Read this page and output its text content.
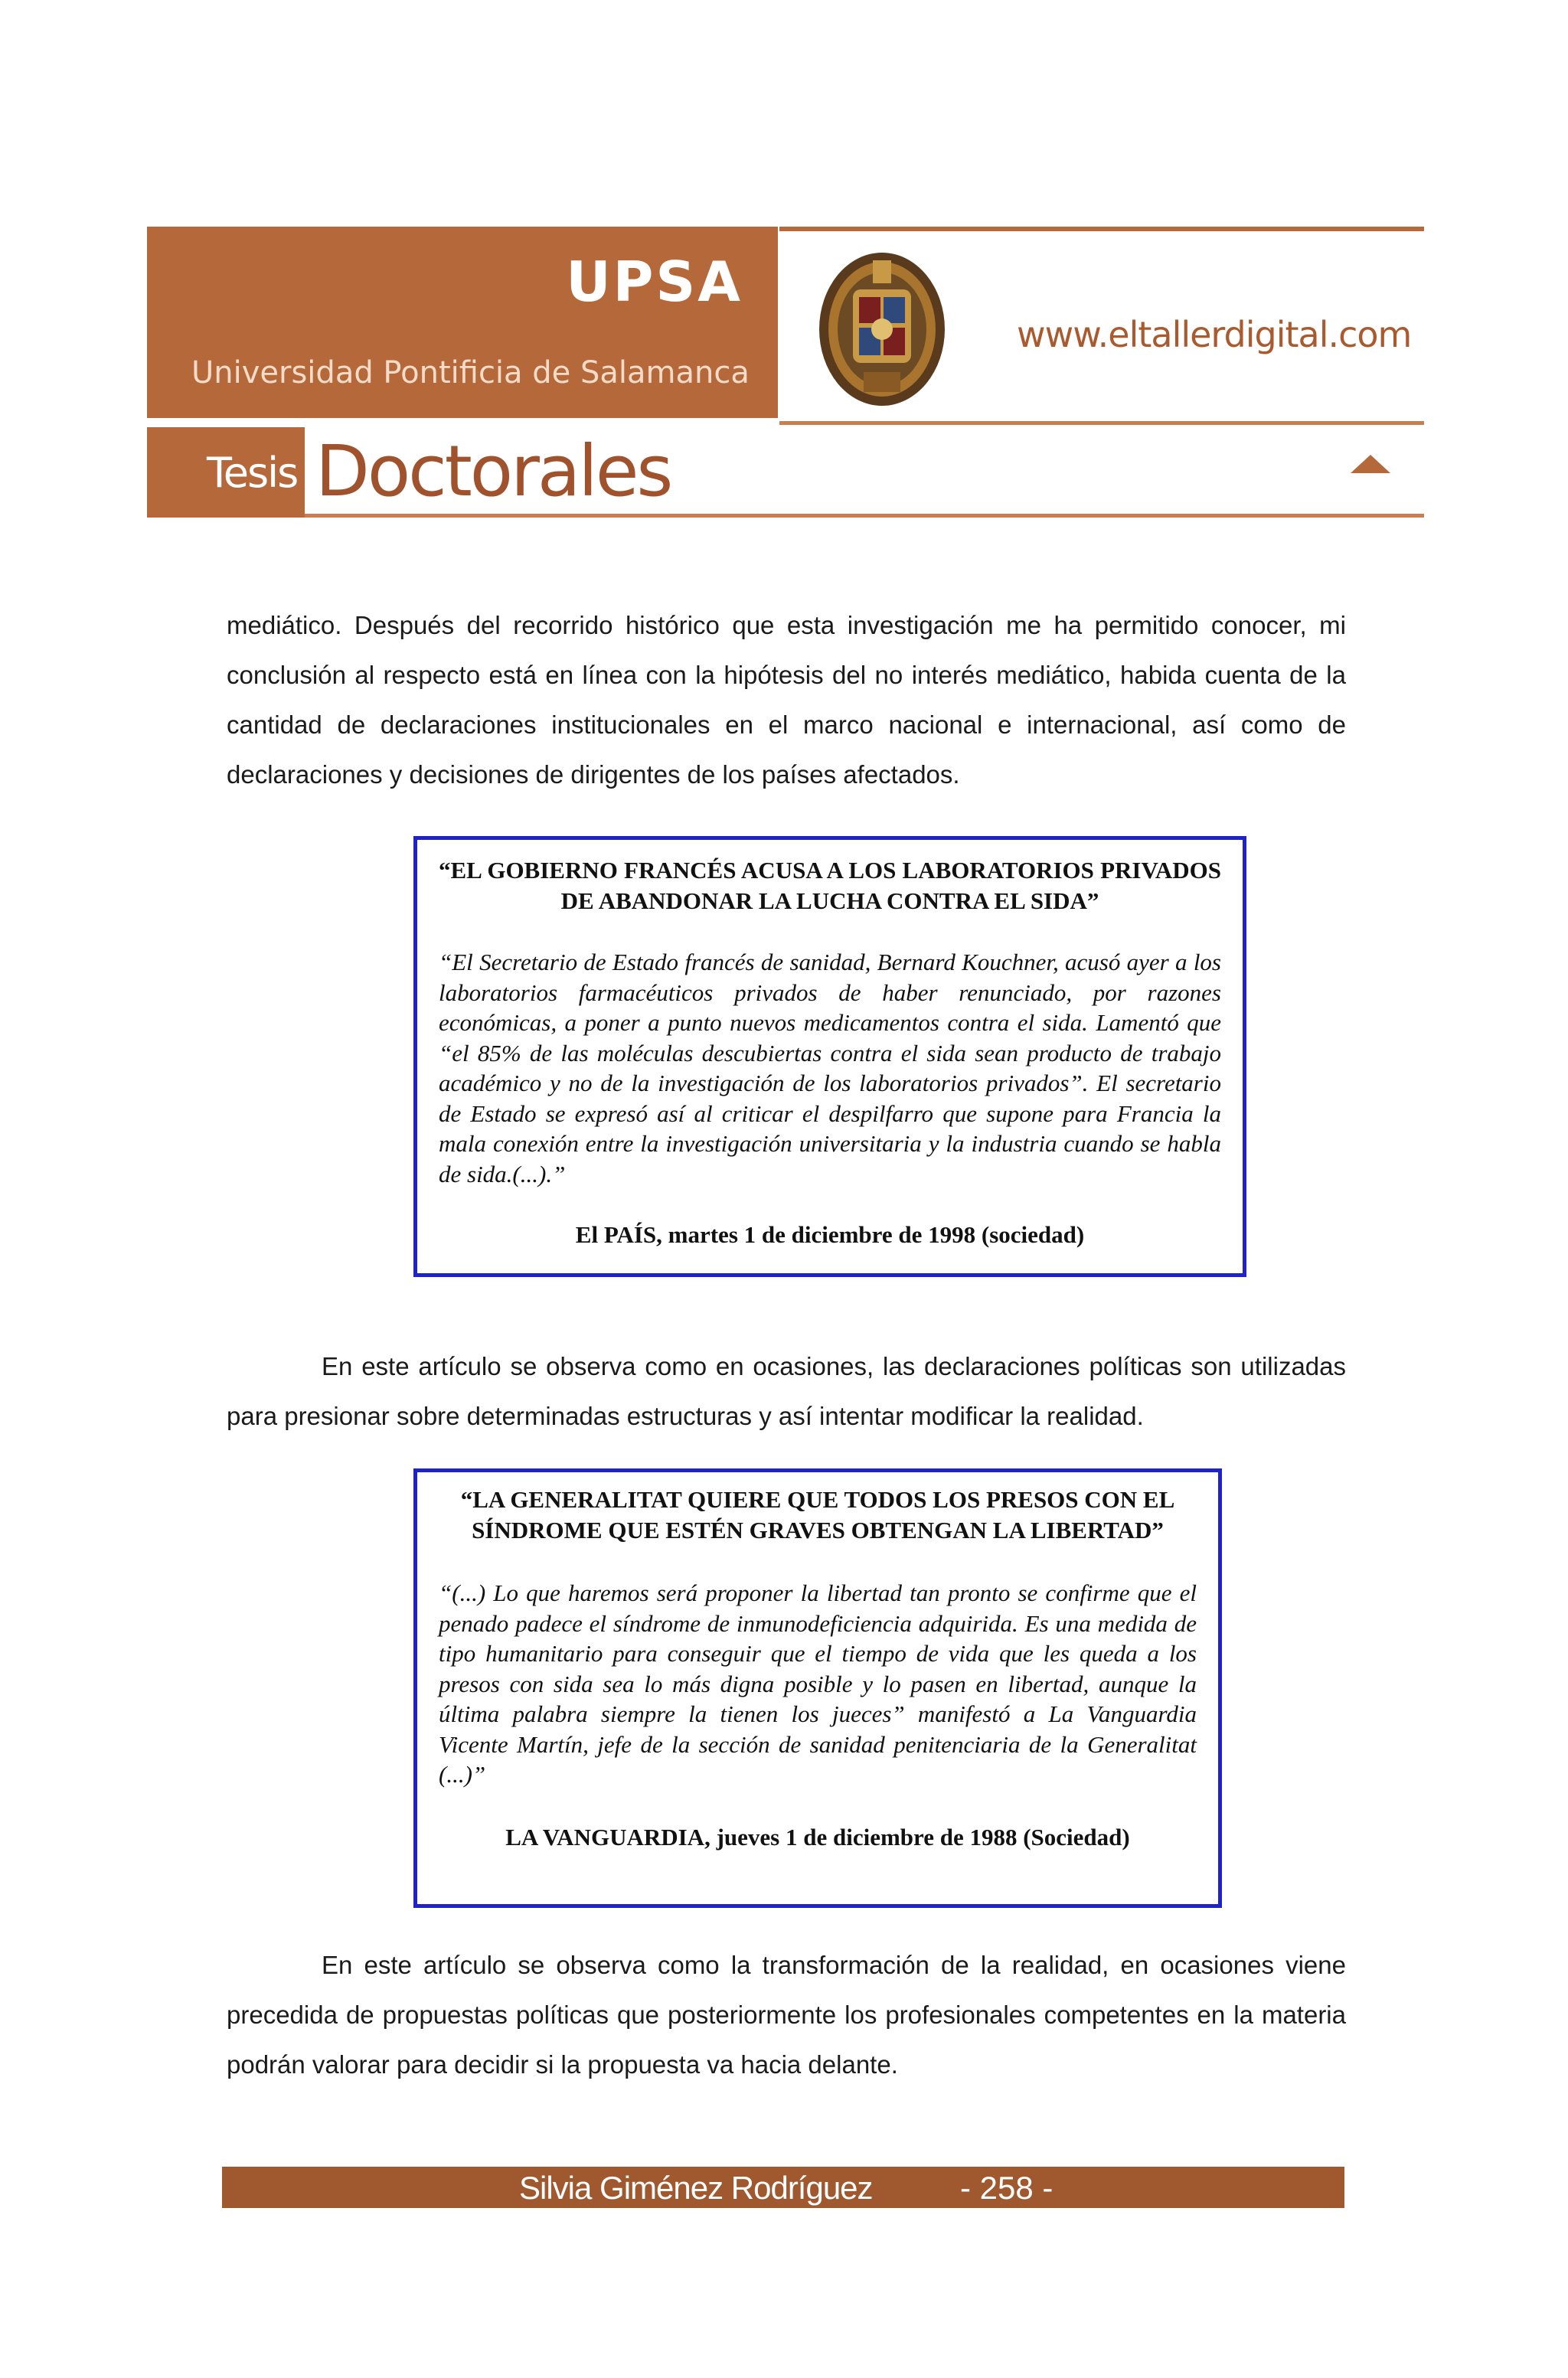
UPSA
Universidad Pontificia de Salamanca
www.eltallerdigital.com
Tesis Doctorales

mediático. Después del recorrido histórico que esta investigación me ha permitido conocer, mi conclusión al respecto está en línea con la hipótesis del no interés mediático, habida cuenta de la cantidad de declaraciones institucionales en el marco nacional e internacional, así como de declaraciones y decisiones de dirigentes de los países afectados.

“EL GOBIERNO FRANCÉS ACUSA A LOS LABORATORIOS PRIVADOS DE ABANDONAR LA LUCHA CONTRA EL SIDA”

“El Secretario de Estado francés de sanidad, Bernard Kouchner, acusó ayer a los laboratorios farmacéuticos privados de haber renunciado, por razones económicas, a poner a punto nuevos medicamentos contra el sida. Lamentó que “el 85% de las moléculas descubiertas contra el sida sean producto de trabajo académico y no de la investigación de los laboratorios privados”. El secretario de Estado se expresó así al criticar el despilfarro que supone para Francia la mala conexión entre la investigación universitaria y la industria cuando se habla de sida.(...).”

El PAÍS, martes 1 de diciembre de 1998 (sociedad)

En este artículo se observa como en ocasiones, las declaraciones políticas son utilizadas para presionar sobre determinadas estructuras y así intentar modificar la realidad.

“LA GENERALITAT QUIERE QUE TODOS LOS PRESOS CON EL SÍNDROME QUE ESTÉN GRAVES OBTENGAN LA LIBERTAD”

“(...) Lo que haremos será proponer la libertad tan pronto se confirme que el penado padece el síndrome de inmunodeficiencia adquirida. Es una medida de tipo humanitario para conseguir que el tiempo de vida que les queda a los presos con sida sea lo más digna posible y lo pasen en libertad, aunque la última palabra siempre la tienen los jueces” manifestó a La Vanguardia Vicente Martín, jefe de la sección de sanidad penitenciaria de la Generalitat (...)”

LA VANGUARDIA, jueves 1 de diciembre de 1988 (Sociedad)

En este artículo se observa como la transformación de la realidad, en ocasiones viene precedida de propuestas políticas que posteriormente los profesionales competentes en la materia podrán valorar para decidir si la propuesta va hacia delante.

Silvia Giménez Rodríguez	- 258 -
